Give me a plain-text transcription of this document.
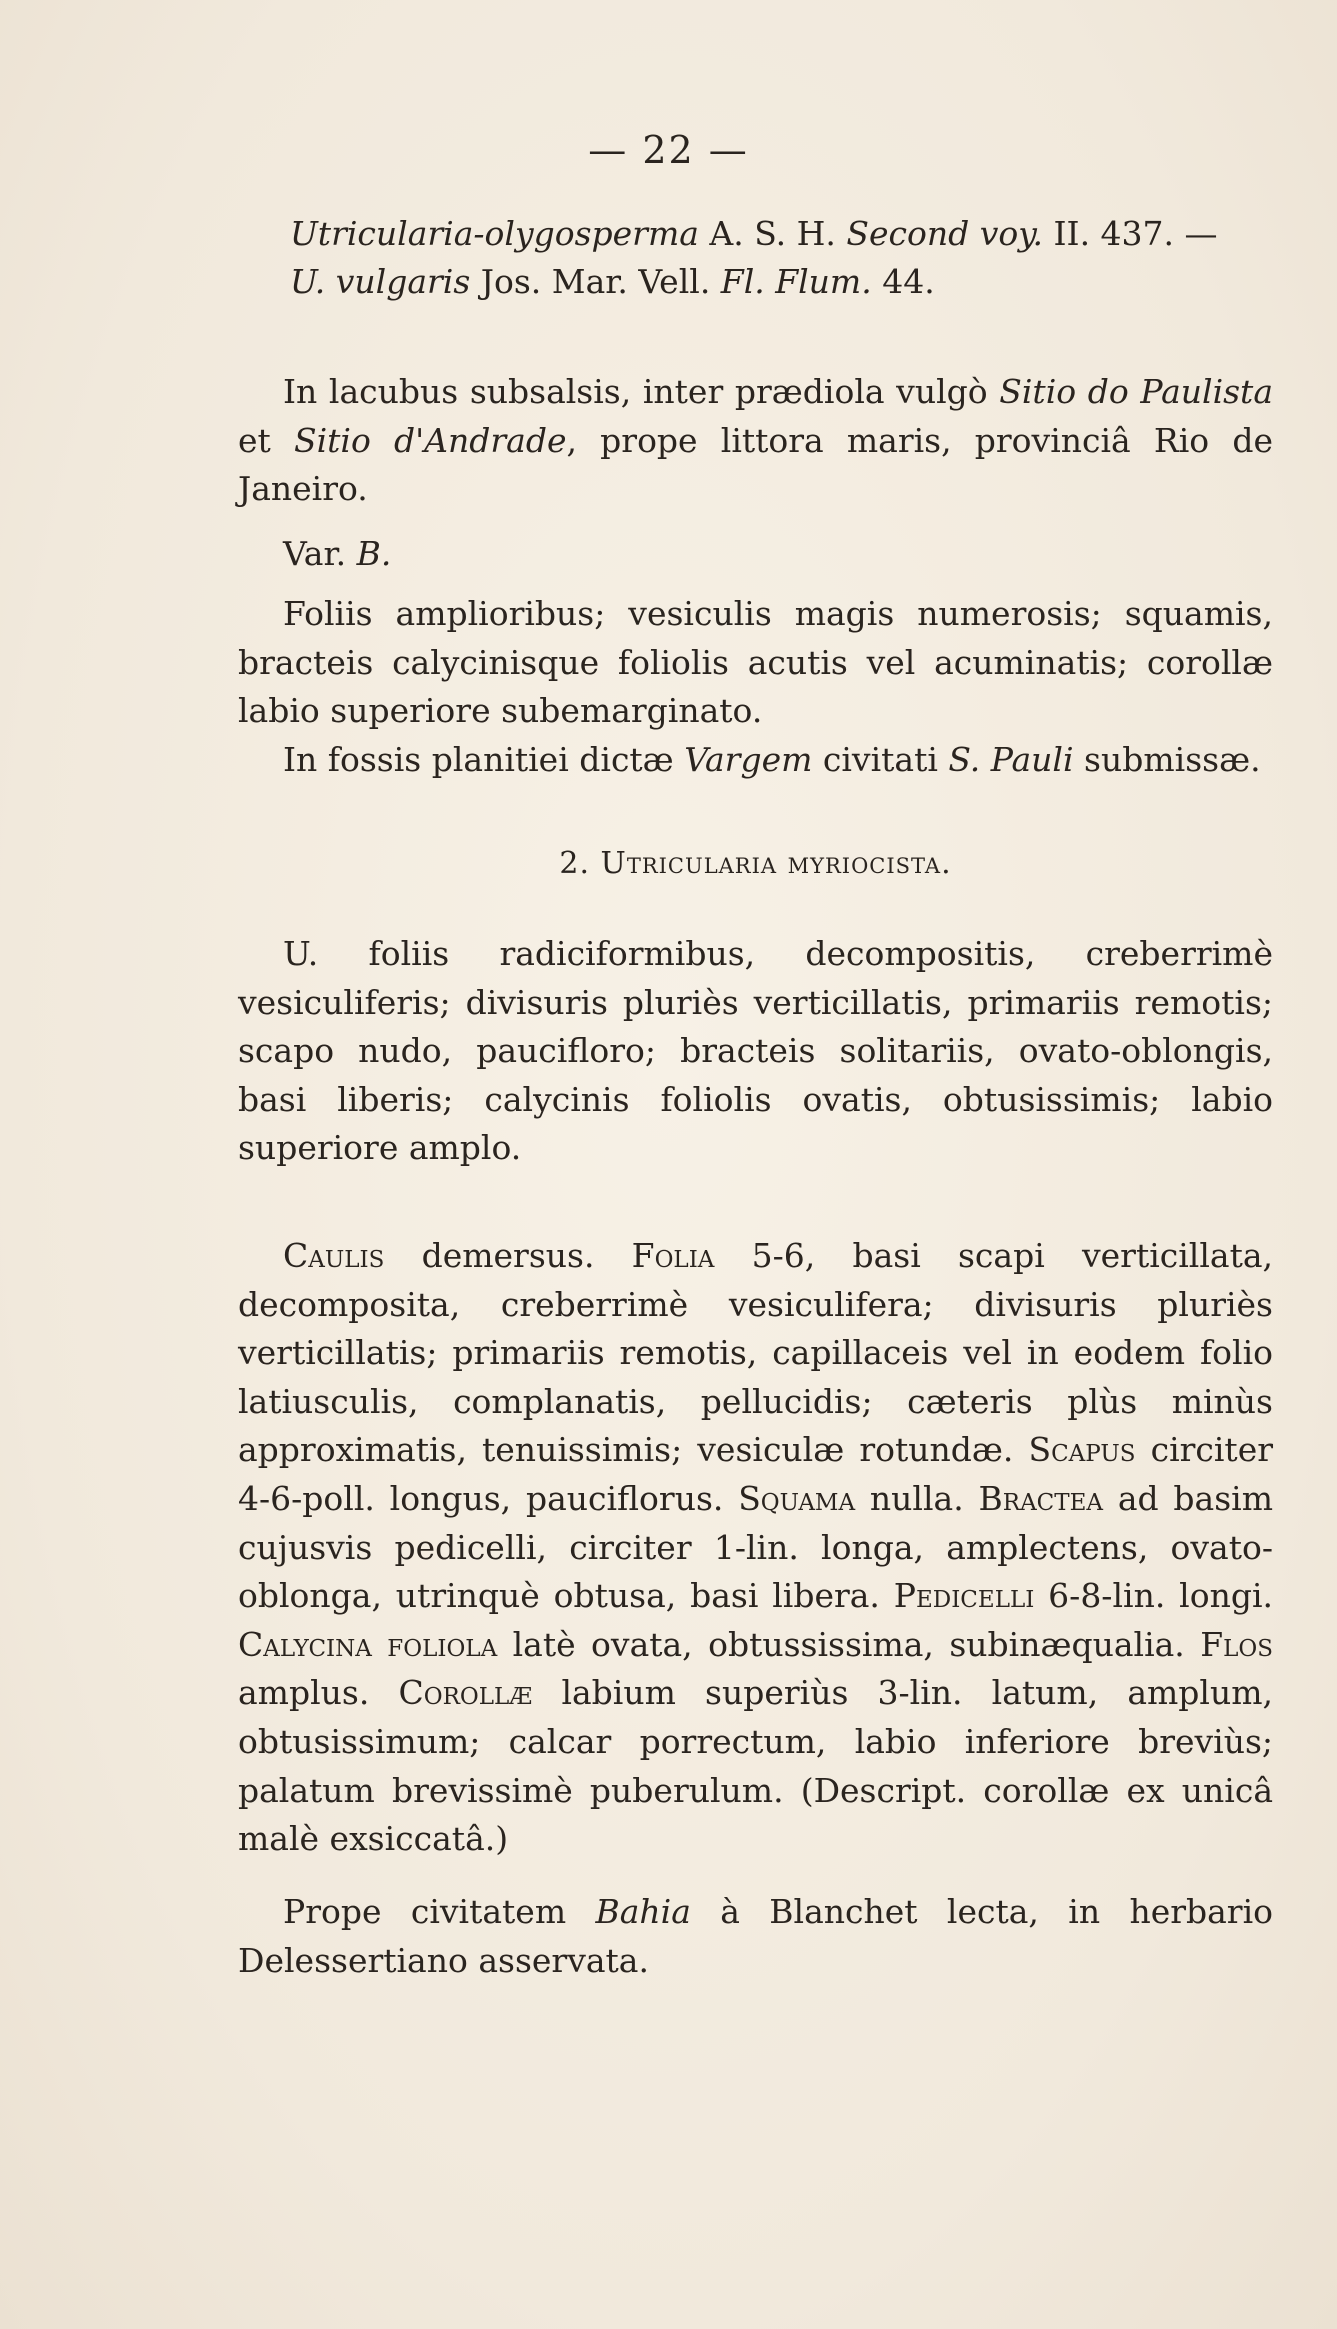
— 22 —
Utricularia-olygosperma A. S. H. Second voy. II. 437. —
U. vulgaris Jos. Mar. Vell. Fl. Flum. 44.

In lacubus subsalsis, inter prædiola vulgò Sitio do Paulista et Sitio d'Andrade, prope littora maris, provinciâ Rio de Janeiro.

Var. B.

Foliis amplioribus; vesiculis magis numerosis; squamis, bracteis calycinisque foliolis acutis vel acuminatis; corollæ labio superiore subemarginato.

In fossis planitiei dictæ Vargem civitati S. Pauli submissæ.

2. Utricularia myriocista.

U. foliis radiciformibus, decompositis, creberrimè vesiculiferis; divisuris pluriès verticillatis, primariis remotis; scapo nudo, paucifloro; bracteis solitariis, ovato-oblongis, basi liberis; calycinis foliolis ovatis, obtusissimis; labio superiore amplo.

Caulis demersus. Folia 5-6, basi scapi verticillata, decomposita, creberrimè vesiculifera; divisuris pluriès verticillatis; primariis remotis, capillaceis vel in eodem folio latiusculis, complanatis, pellucidis; cæteris plùs minùs approximatis, tenuissimis; vesiculæ rotundæ. Scapus circiter 4-6-poll. longus, pauciflorus. Squama nulla. Bractea ad basim cujusvis pedicelli, circiter 1-lin. longa, amplectens, ovato-oblonga, utrinquè obtusa, basi libera. Pedicelli 6-8-lin. longi. Calycina foliola latè ovata, obtussissima, subinæqualia. Flos amplus. Corollæ labium superiùs 3-lin. latum, amplum, obtusissimum; calcar porrectum, labio inferiore breviùs; palatum brevissimè puberulum. (Descript. corollæ ex unicâ malè exsiccatâ.)

Prope civitatem Bahia à Blanchet lecta, in herbario Delessertiano asservata.
